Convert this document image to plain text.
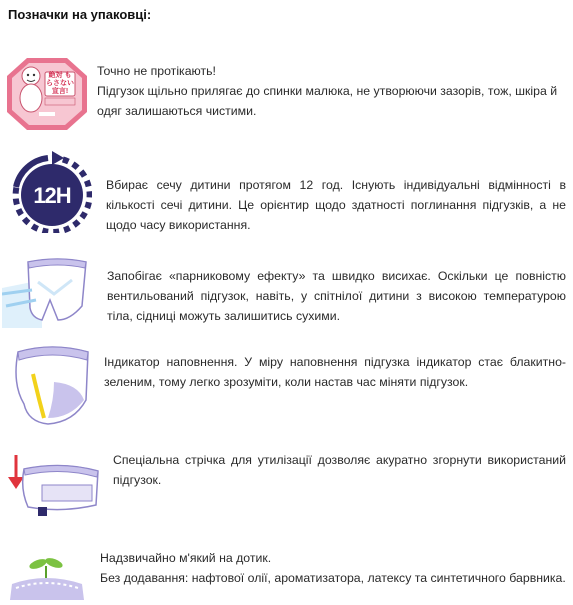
Позначки на упаковці:
絶対 もらさない 宣言!
Точно не протікають!
Підгузок щільно прилягає до спинки малюка, не утворюючи зазорів, тож, шкіра й
одяг залишаються чистими.
12H	Вбирає сечу дитини протягом 12 год. Існують індивідуальні відмінності в кількості сечі дитини. Це орієнтир щодо здатності поглинання підгузків, а не щодо часу використання.
Запобігає «парниковому ефекту» та швидко висихає. Оскільки це повністю вентильований підгузок, навіть, у спітнілої дитини з високою температурою тіла, сідниці можуть залишитись сухими.
Індикатор наповнення. У міру наповнення підгузка індикатор стає блакитно-зеленим, тому легко зрозуміти, коли настав час міняти підгузок.
Спеціальна стрічка для утилізації дозволяє акуратно згорнути використаний підгузок.
Надзвичайно м'який на дотик.
Без додавання: нафтової олії, ароматизатора, латексу та синтетичного барвника.
